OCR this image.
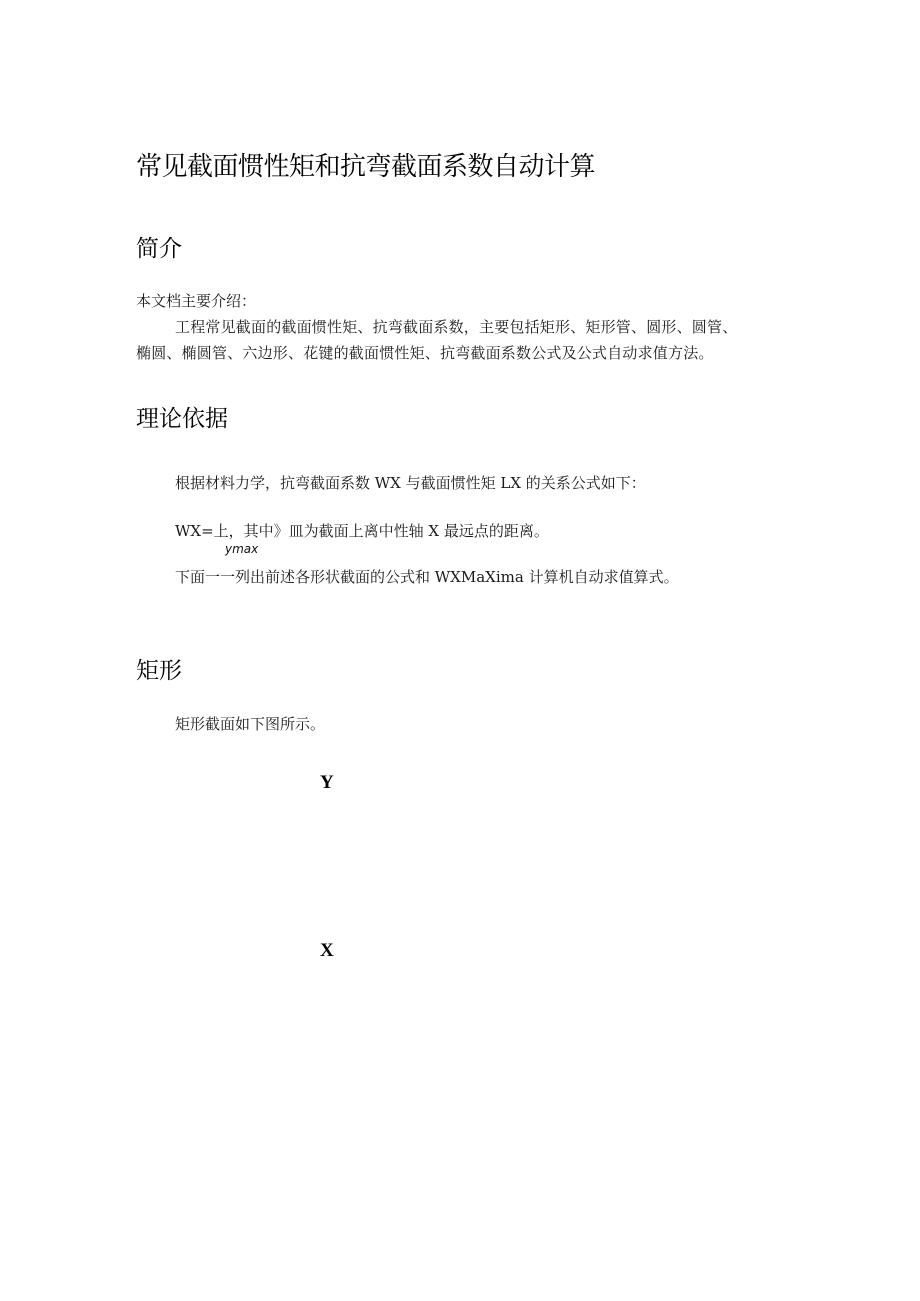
常见截面惯性矩和抗弯截面系数自动计算
简介

本文档主要介绍：

工程常见截面的截面惯性矩、抗弯截面系数，主要包括矩形、矩形管、圆形、圆管、

椭圆、椭圆管、六边形、花键的截面惯性矩、抗弯截面系数公式及公式自动求值方法。

理论依据

根据材料力学，抗弯截面系数 WX 与截面惯性矩 LX 的关系公式如下：

WX=上，其中》皿为截面上离中性轴 X 最远点的距离。

ymax

下面一一列出前述各形状截面的公式和 WXMaXima 计算机自动求值算式。

矩形

矩形截面如下图所示。

Y
X
